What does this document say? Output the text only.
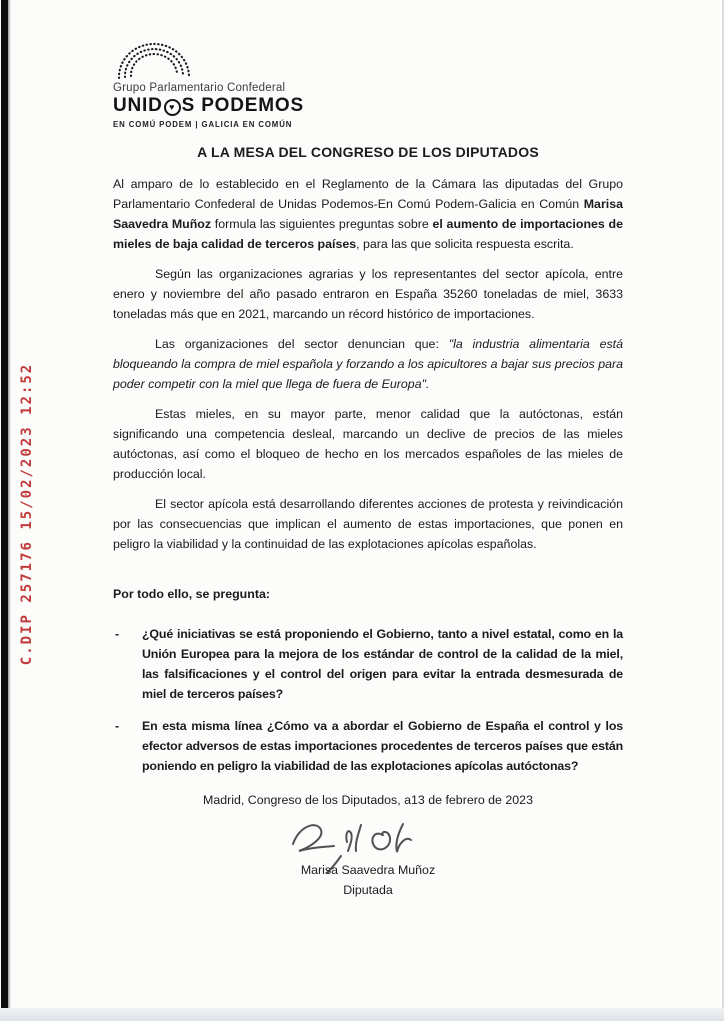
C.DIP 257176 15/02/2023 12:52
Grupo Parlamentario Confederal
UNID ♥ S PODEMOS
EN COMÚ PODEM | GALICIA EN COMÚN
A LA MESA DEL CONGRESO DE LOS DIPUTADOS

Al amparo de lo establecido en el Reglamento de la Cámara las diputadas del Grupo Parlamentario Confederal de Unidas Podemos-En Comú Podem-Galicia en Común Marisa Saavedra Muñoz formula las siguientes preguntas sobre el aumento de importaciones de mieles de baja calidad de terceros países, para las que solicita respuesta escrita.

Según las organizaciones agrarias y los representantes del sector apícola, entre enero y noviembre del año pasado entraron en España 35260 toneladas de miel, 3633 toneladas más que en 2021, marcando un récord histórico de importaciones.

Las organizaciones del sector denuncian que: "la industria alimentaria está bloqueando la compra de miel española y forzando a los apicultores a bajar sus precios para poder competir con la miel que llega de fuera de Europa".

Estas mieles, en su mayor parte, menor calidad que la autóctonas, están significando una competencia desleal, marcando un declive de precios de las mieles autóctonas, así como el bloqueo de hecho en los mercados españoles de las mieles de producción local.

El sector apícola está desarrollando diferentes acciones de protesta y reivindicación por las consecuencias que implican el aumento de estas importaciones, que ponen en peligro la viabilidad y la continuidad de las explotaciones apícolas españolas.

Por todo ello, se pregunta:

-	¿Qué iniciativas se está proponiendo el Gobierno, tanto a nivel estatal, como en la Unión Europea para la mejora de los estándar de control de la calidad de la miel, las falsificaciones y el control del origen para evitar la entrada desmesurada de miel de terceros países?
-	En esta misma línea ¿Cómo va a abordar el Gobierno de España el control y los efector adversos de estas importaciones procedentes de terceros países que están poniendo en peligro la viabilidad de las explotaciones apícolas autóctonas?

Madrid, Congreso de los Diputados, a13 de febrero de 2023

Marisa Saavedra Muñoz
Diputada
